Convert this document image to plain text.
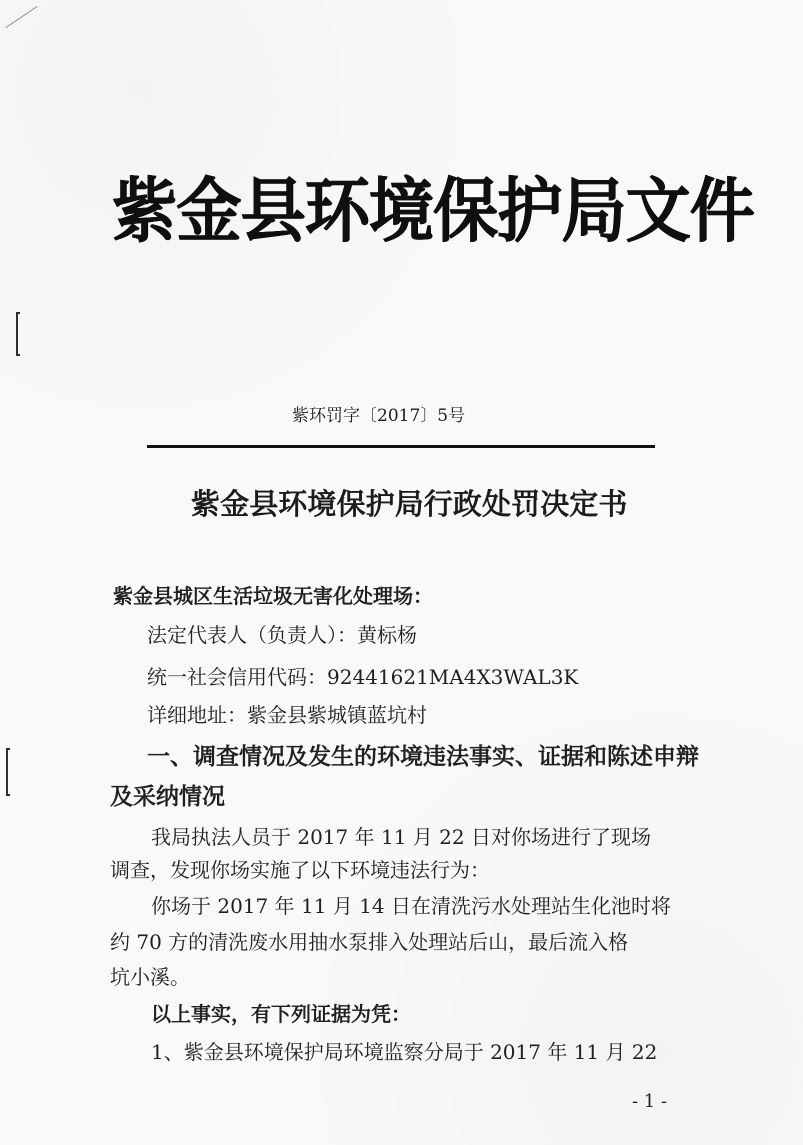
紫金县环境保护局文件
紫环罚字〔2017〕5号
紫金县环境保护局行政处罚决定书
紫金县城区生活垃圾无害化处理场：
法定代表人（负责人）：黄标杨
统一社会信用代码：92441621MA4X3WAL3K
详细地址：紫金县紫城镇蓝坑村
一、调查情况及发生的环境违法事实、证据和陈述申辩
及采纳情况
我局执法人员于 2017 年 11 月 22 日对你场进行了现场
调查，发现你场实施了以下环境违法行为：
你场于 2017 年 11 月 14 日在清洗污水处理站生化池时将
约 70 方的清洗废水用抽水泵排入处理站后山，最后流入格
坑小溪。
以上事实，有下列证据为凭：
1、紫金县环境保护局环境监察分局于 2017 年 11 月 22
- 1 -
